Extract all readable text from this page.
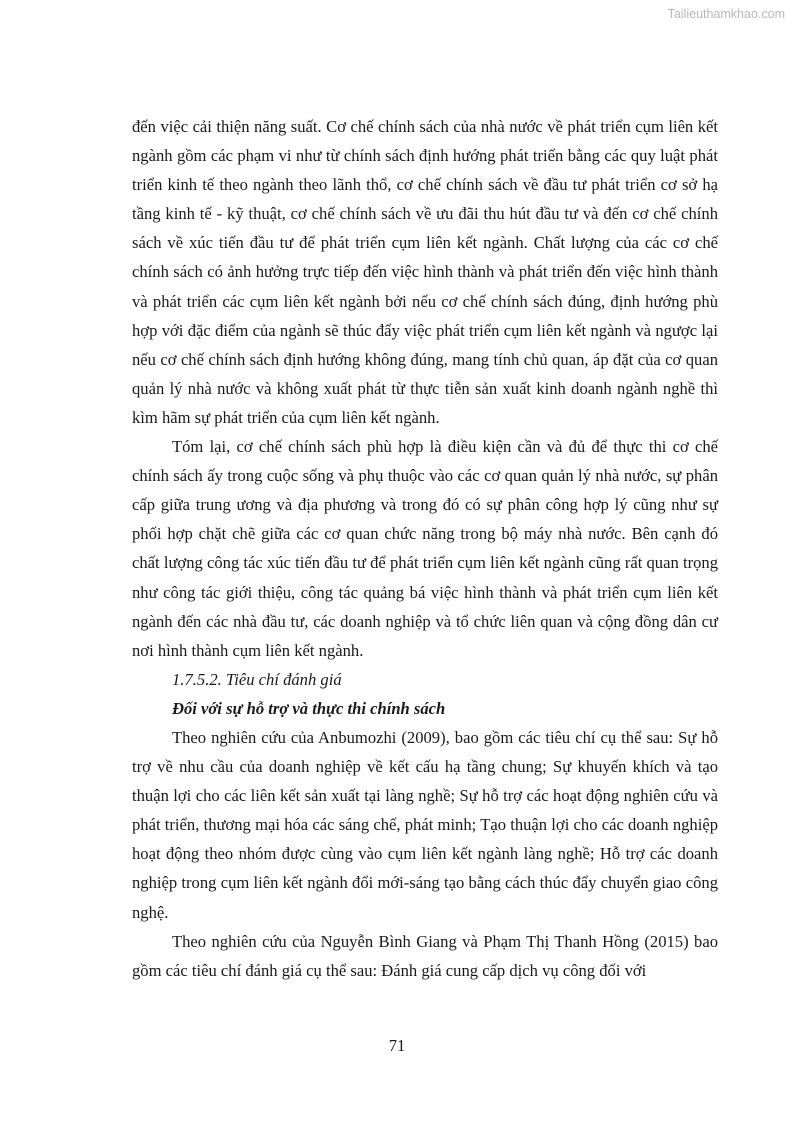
Tailieuthamkhao.com

đến việc cải thiện năng suất. Cơ chế chính sách của nhà nước về phát triển cụm liên kết ngành gồm các phạm vi như từ chính sách định hướng phát triển bằng các quy luật phát triển kinh tế theo ngành theo lãnh thổ, cơ chế chính sách về đầu tư phát triển cơ sở hạ tầng kinh tế - kỹ thuật, cơ chế chính sách về ưu đãi thu hút đầu tư và đến cơ chế chính sách về xúc tiến đầu tư để phát triển cụm liên kết ngành. Chất lượng của các cơ chế chính sách có ảnh hưởng trực tiếp đến việc hình thành và phát triển đến việc hình thành và phát triển các cụm liên kết ngành bởi nếu cơ chế chính sách đúng, định hướng phù hợp với đặc điểm của ngành sẽ thúc đẩy việc phát triển cụm liên kết ngành và ngược lại nếu cơ chế chính sách định hướng không đúng, mang tính chủ quan, áp đặt của cơ quan quản lý nhà nước và không xuất phát từ thực tiễn sản xuất kinh doanh ngành nghề thì kìm hãm sự phát triển của cụm liên kết ngành.

Tóm lại, cơ chế chính sách phù hợp là điều kiện cần và đủ để thực thi cơ chế chính sách ấy trong cuộc sống và phụ thuộc vào các cơ quan quản lý nhà nước, sự phân cấp giữa trung ương và địa phương và trong đó có sự phân công hợp lý cũng như sự phối hợp chặt chẽ giữa các cơ quan chức năng trong bộ máy nhà nước. Bên cạnh đó chất lượng công tác xúc tiến đầu tư để phát triển cụm liên kết ngành cũng rất quan trọng như công tác giới thiệu, công tác quảng bá việc hình thành và phát triển cụm liên kết ngành đến các nhà đầu tư, các doanh nghiệp và tổ chức liên quan và cộng đồng dân cư nơi hình thành cụm liên kết ngành.

1.7.5.2. Tiêu chí đánh giá

Đối với sự hỗ trợ và thực thi chính sách

Theo nghiên cứu của Anbumozhi (2009), bao gồm các tiêu chí cụ thể sau: Sự hỗ trợ về nhu cầu của doanh nghiệp về kết cấu hạ tầng chung; Sự khuyến khích và tạo thuận lợi cho các liên kết sản xuất tại làng nghề; Sự hỗ trợ các hoạt động nghiên cứu và phát triển, thương mại hóa các sáng chế, phát minh; Tạo thuận lợi cho các doanh nghiệp hoạt động theo nhóm được cùng vào cụm liên kết ngành làng nghề; Hỗ trợ các doanh nghiệp trong cụm liên kết ngành đổi mới-sáng tạo bằng cách thúc đẩy chuyển giao công nghệ.

Theo nghiên cứu của Nguyễn Bình Giang và Phạm Thị Thanh Hồng (2015) bao gồm các tiêu chí đánh giá cụ thể sau: Đánh giá cung cấp dịch vụ công đối với

71
